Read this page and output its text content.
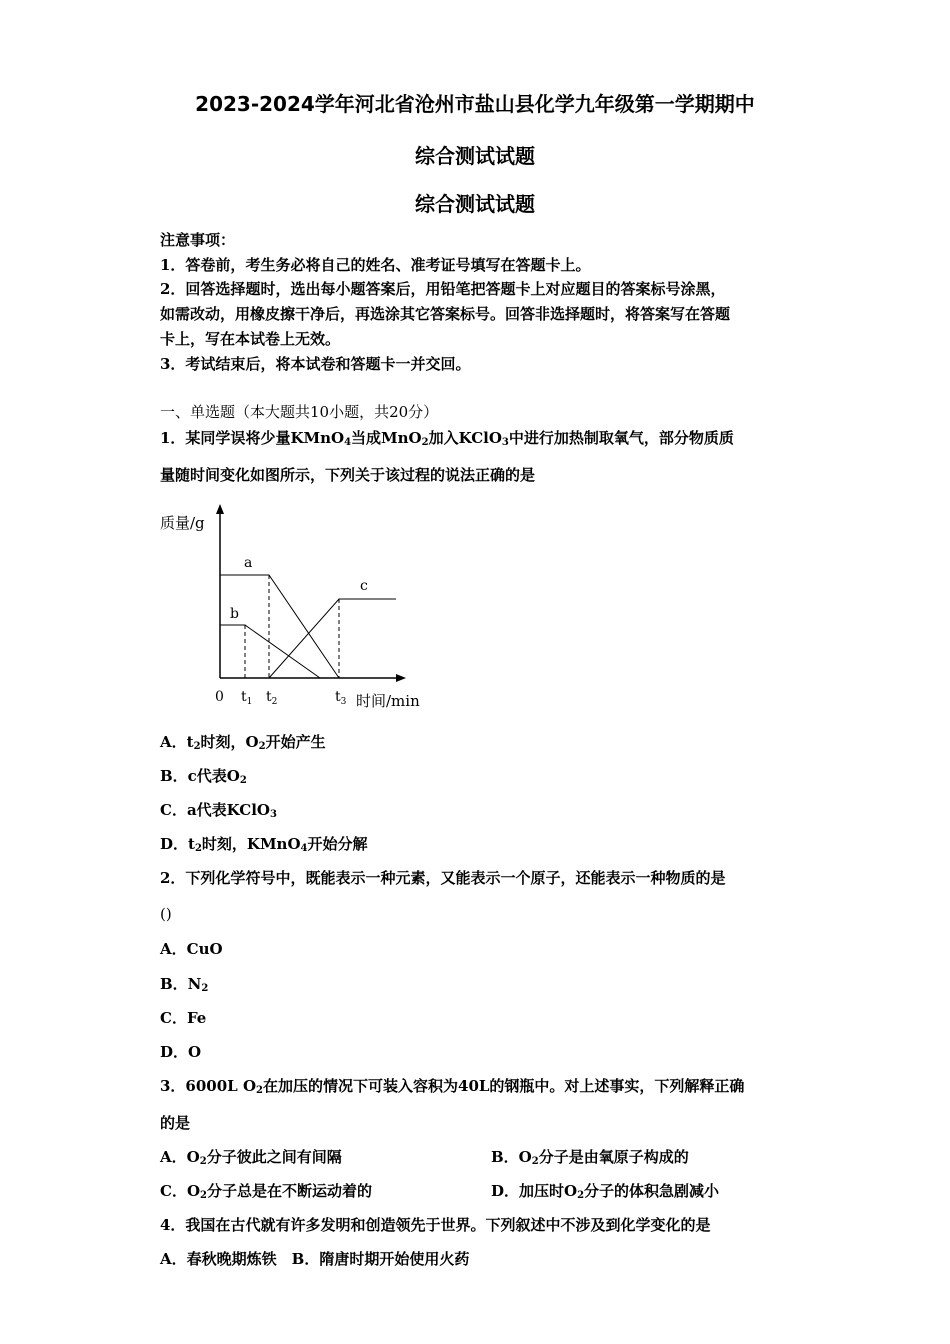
2023-2024学年河北省沧州市盐山县化学九年级第一学期期中
综合测试试题
综合测试试题
注意事项：
1．答卷前，考生务必将自己的姓名、准考证号填写在答题卡上。
2．回答选择题时，选出每小题答案后，用铅笔把答题卡上对应题目的答案标号涂黑，
如需改动，用橡皮擦干净后，再选涂其它答案标号。回答非选择题时，将答案写在答题
卡上，写在本试卷上无效。
3．考试结束后，将本试卷和答题卡一并交回。
一、单选题（本大题共10小题，共20分）
1．某同学误将少量KMnO$_4$当成MnO$_2$加入KClO$_3$中进行加热制取氧气，部分物质质
量随时间变化如图所示，下列关于该过程的说法正确的是
质量/g
时间/min
a
b
c
0 $t_1$ $t_2$	$t_3$
A．$t_2$时刻，$O_2$开始产生
B．c代表$O_2$
C．a代表KClO$_3$
D．$t_2$时刻，KMnO$_4$开始分解
2．下列化学符号中，既能表示一种元素，又能表示一个原子，还能表示一种物质的是
()
A．CuO
B．$N_2$
C．Fe
D．O
3．6000L $O_2$在加压的情况下可装入容积为40L的钢瓶中。对上述事实，下列解释正确
的是
A．$O_2$分子彼此之间有间隔	B．$O_2$分子是由氧原子构成的
C．$O_2$分子总是在不断运动着的	D．加压时$O_2$分子的体积急剧减小
4．我国在古代就有许多发明和创造领先于世界。下列叙述中不涉及到化学变化的是
A．春秋晚期炼铁　B．隋唐时期开始使用火药
